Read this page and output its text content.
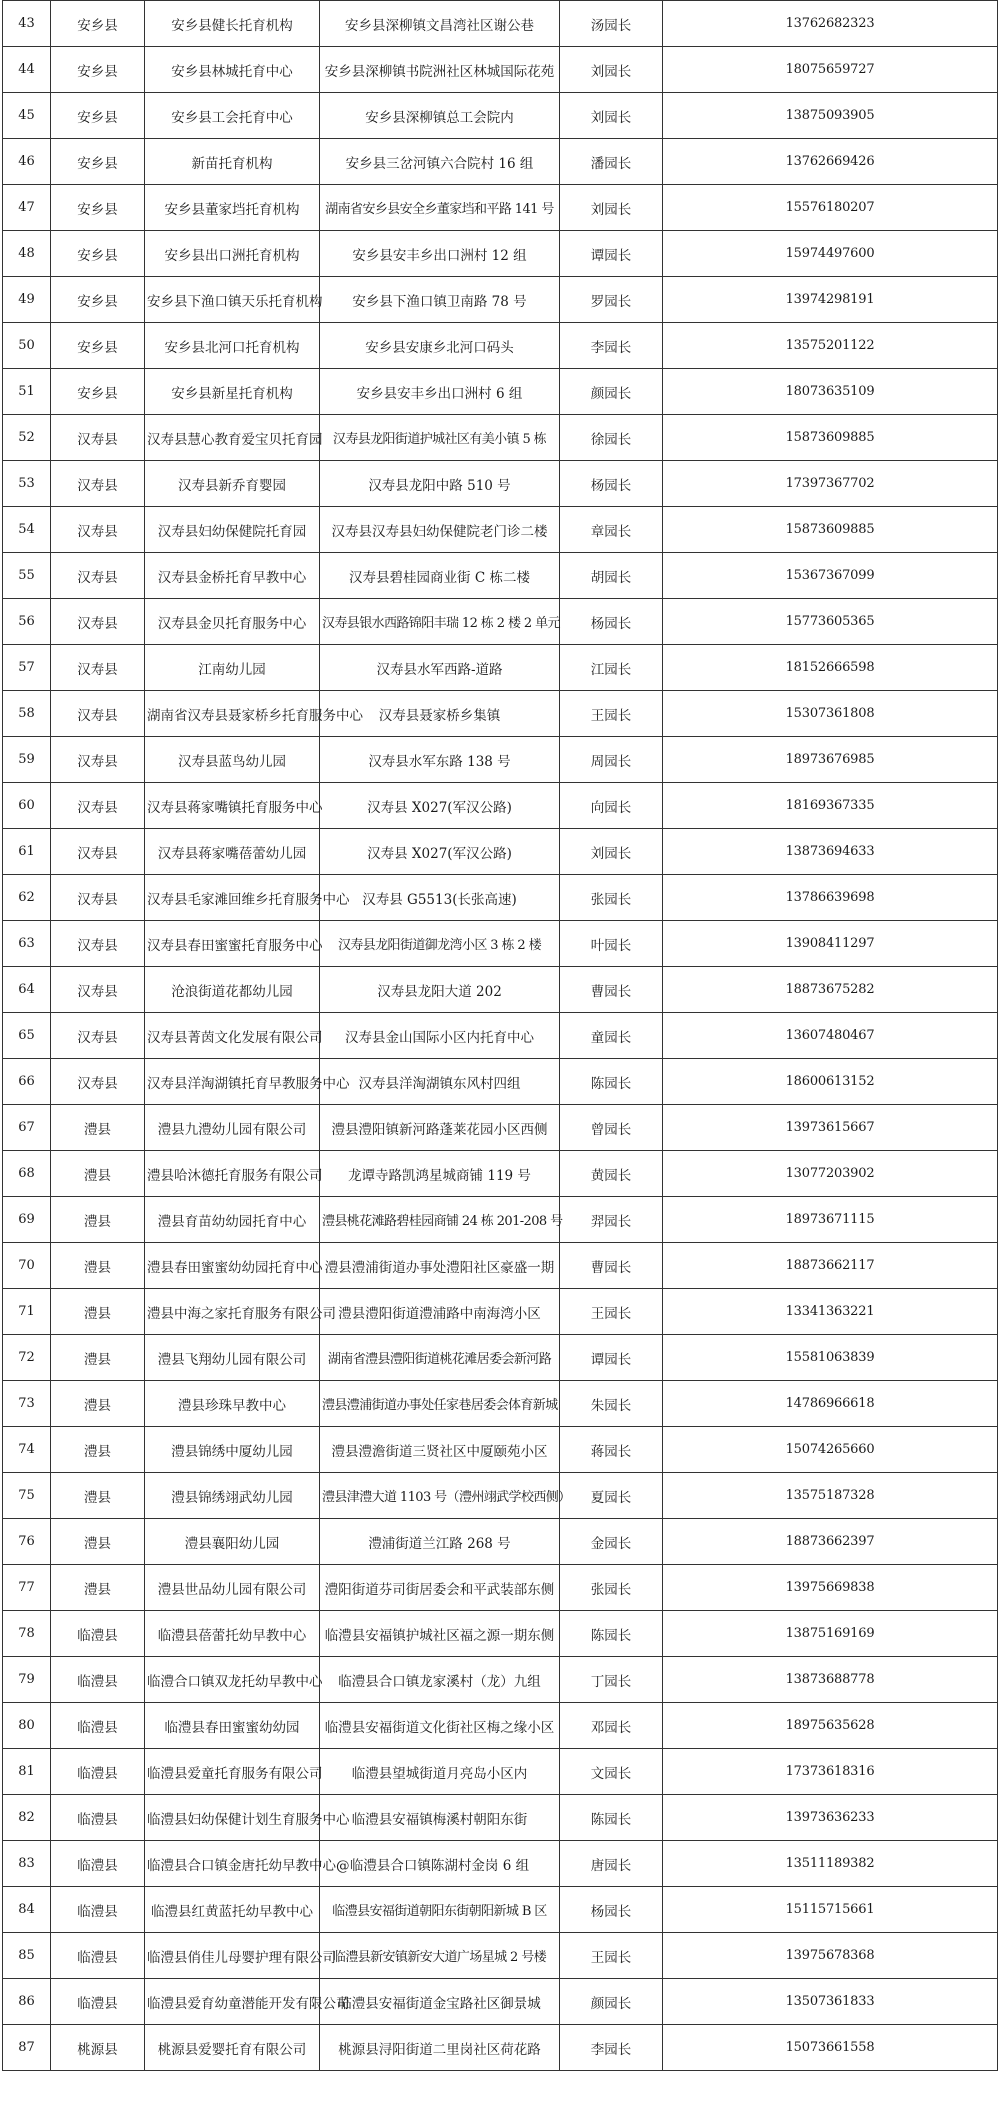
43	安乡县	安乡县健长托育机构	安乡县深柳镇文昌湾社区谢公巷	汤园长	13762682323
44	安乡县	安乡县林城托育中心	安乡县深柳镇书院洲社区林城国际花苑	刘园长	18075659727
45	安乡县	安乡县工会托育中心	安乡县深柳镇总工会院内	刘园长	13875093905
46	安乡县	新苗托育机构	安乡县三岔河镇六合院村 16 组	潘园长	13762669426
47	安乡县	安乡县董家垱托育机构	湖南省安乡县安全乡董家垱和平路 141 号	刘园长	15576180207
48	安乡县	安乡县出口洲托育机构	安乡县安丰乡出口洲村 12 组	谭园长	15974497600
49	安乡县	安乡县下渔口镇天乐托育机构	安乡县下渔口镇卫南路 78 号	罗园长	13974298191
50	安乡县	安乡县北河口托育机构	安乡县安康乡北河口码头	李园长	13575201122
51	安乡县	安乡县新星托育机构	安乡县安丰乡出口洲村 6 组	颜园长	18073635109
52	汉寿县	汉寿县慧心教育爱宝贝托育园	汉寿县龙阳街道护城社区有美小镇 5 栋	徐园长	15873609885
53	汉寿县	汉寿县新乔育婴园	汉寿县龙阳中路 510 号	杨园长	17397367702
54	汉寿县	汉寿县妇幼保健院托育园	汉寿县汉寿县妇幼保健院老门诊二楼	章园长	15873609885
55	汉寿县	汉寿县金桥托育早教中心	汉寿县碧桂园商业街 C 栋二楼	胡园长	15367367099
56	汉寿县	汉寿县金贝托育服务中心	汉寿县银水西路锦阳丰瑞 12 栋 2 楼 2 单元	杨园长	15773605365
57	汉寿县	江南幼儿园	汉寿县水军西路-道路	江园长	18152666598
58	汉寿县	湖南省汉寿县聂家桥乡托育服务中心	汉寿县聂家桥乡集镇	王园长	15307361808
59	汉寿县	汉寿县蓝鸟幼儿园	汉寿县水军东路 138 号	周园长	18973676985
60	汉寿县	汉寿县蒋家嘴镇托育服务中心	汉寿县 X027(军汉公路)	向园长	18169367335
61	汉寿县	汉寿县蒋家嘴蓓蕾幼儿园	汉寿县 X027(军汉公路)	刘园长	13873694633
62	汉寿县	汉寿县毛家滩回维乡托育服务中心	汉寿县 G5513(长张高速)	张园长	13786639698
63	汉寿县	汉寿县春田蜜蜜托育服务中心	汉寿县龙阳街道御龙湾小区 3 栋 2 楼	叶园长	13908411297
64	汉寿县	沧浪街道花都幼儿园	汉寿县龙阳大道 202	曹园长	18873675282
65	汉寿县	汉寿县菁茵文化发展有限公司	汉寿县金山国际小区内托育中心	童园长	13607480467
66	汉寿县	汉寿县洋淘湖镇托育早教服务中心	汉寿县洋淘湖镇东风村四组	陈园长	18600613152
67	澧县	澧县九澧幼儿园有限公司	澧县澧阳镇新河路蓬莱花园小区西侧	曾园长	13973615667
68	澧县	澧县哈沐德托育服务有限公司	龙谭寺路凯鸿星城商铺 119 号	黄园长	13077203902
69	澧县	澧县育苗幼幼园托育中心	澧县桃花滩路碧桂园商铺 24 栋 201-208 号	羿园长	18973671115
70	澧县	澧县春田蜜蜜幼幼园托育中心	澧县澧浦街道办事处澧阳社区豪盛一期	曹园长	18873662117
71	澧县	澧县中海之家托育服务有限公司	澧县澧阳街道澧浦路中南海湾小区	王园长	13341363221
72	澧县	澧县飞翔幼儿园有限公司	湖南省澧县澧阳街道桃花滩居委会新河路	谭园长	15581063839
73	澧县	澧县珍珠早教中心	澧县澧浦街道办事处任家巷居委会体育新城	朱园长	14786966618
74	澧县	澧县锦绣中厦幼儿园	澧县澧澹街道三贤社区中厦颐苑小区	蒋园长	15074265660
75	澧县	澧县锦绣翊武幼儿园	澧县津澧大道 1103 号（澧州翊武学校西侧）	夏园长	13575187328
76	澧县	澧县襄阳幼儿园	澧浦街道兰江路 268 号	金园长	18873662397
77	澧县	澧县世品幼儿园有限公司	澧阳街道芬司街居委会和平武装部东侧	张园长	13975669838
78	临澧县	临澧县蓓蕾托幼早教中心	临澧县安福镇护城社区福之源一期东侧	陈园长	13875169169
79	临澧县	临澧合口镇双龙托幼早教中心	临澧县合口镇龙家溪村（龙）九组	丁园长	13873688778
80	临澧县	临澧县春田蜜蜜幼幼园	临澧县安福街道文化街社区梅之缘小区	邓园长	18975635628
81	临澧县	临澧县爱童托育服务有限公司	临澧县望城街道月亮岛小区内	文园长	17373618316
82	临澧县	临澧县妇幼保健计划生育服务中心	临澧县安福镇梅溪村朝阳东街	陈园长	13973636233
83	临澧县	临澧县合口镇金唐托幼早教中心@	临澧县合口镇陈湖村金岗 6 组	唐园长	13511189382
84	临澧县	临澧县红黄蓝托幼早教中心	临澧县安福街道朝阳东街朝阳新城 B 区	杨园长	15115715661
85	临澧县	临澧县俏佳儿母婴护理有限公司	临澧县新安镇新安大道广场星城 2 号楼	王园长	13975678368
86	临澧县	临澧县爱育幼童潜能开发有限公司	临澧县安福街道金宝路社区御景城	颜园长	13507361833
87	桃源县	桃源县爱婴托育有限公司	桃源县浔阳街道二里岗社区荷花路	李园长	15073661558
